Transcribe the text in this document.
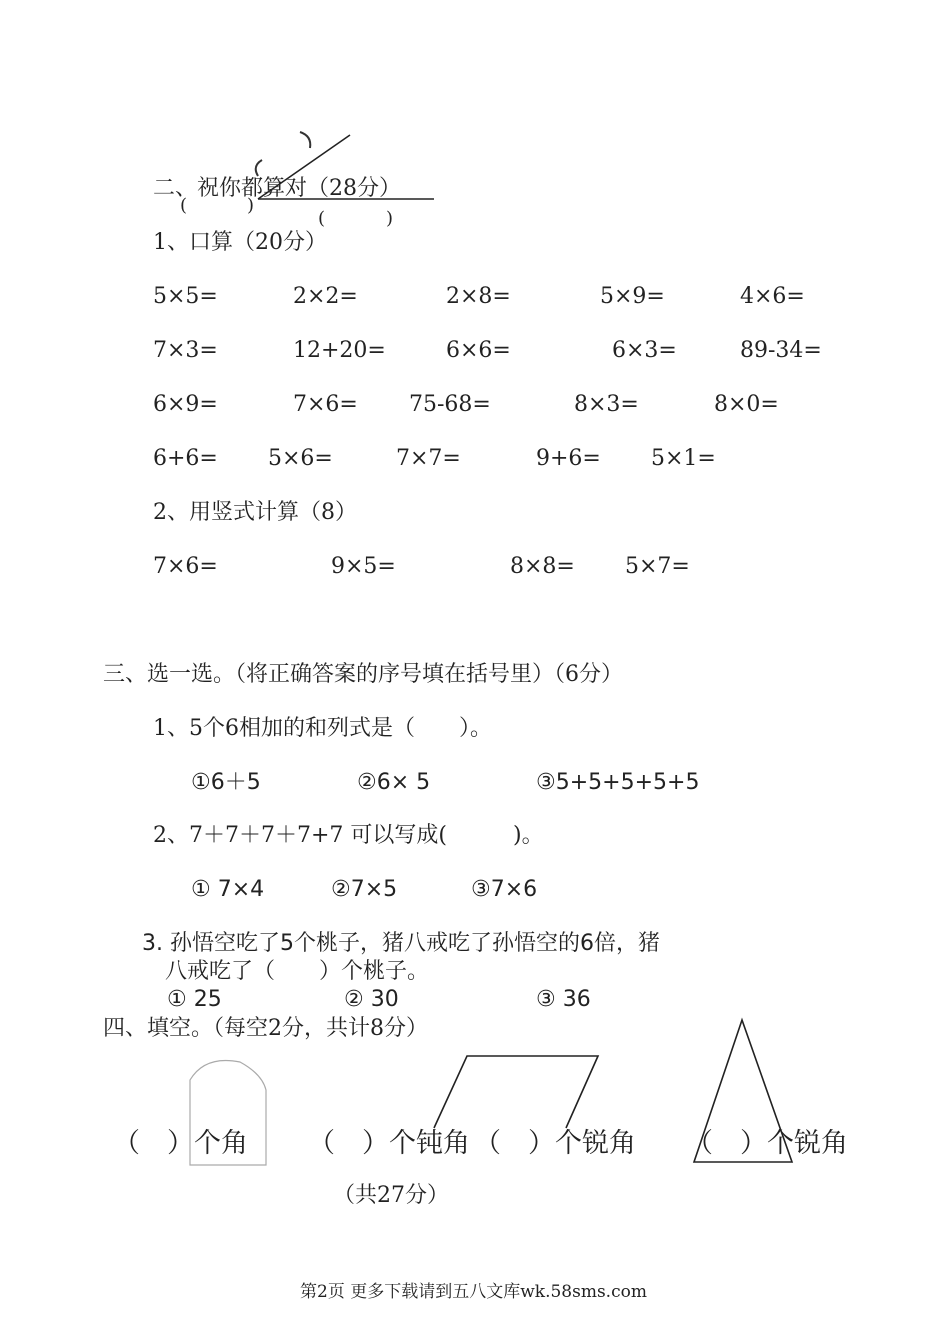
二、祝你都算对（28分）
(	)
(	)
1、口算（20分）
5×5=	2×2=	2×8=	5×9=	4×6=
7×3=	12+20=	6×6=	6×3=	89-34=
6×9=	7×6= 75-68=	8×3=	8×0=
6+6= 5×6=	7×7=	9+6= 5×1=
2、用竖式计算（8）
7×6=	9×5=	8×8= 5×7=
三、选一选。（将正确答案的序号填在括号里）（6分）
1、5个6相加的和列式是（　　）。
①6＋5	②6× 5	③5+5+5+5+5
2、7＋7＋7＋7+7 可以写成(　　　)。
① 7×4	②7×5	③7×6
3. 孙悟空吃了5个桃子，猪八戒吃了孙悟空的6倍，猪
八戒吃了（　　）个桃子。
① 25	② 30	③ 36
四、填空。（每空2分，共计8分）
（　）个角 （　）个钝角 （　）个锐角 （　）个锐角
（共27分）
第2页 更多下载请到五八文库wk.58sms.com
